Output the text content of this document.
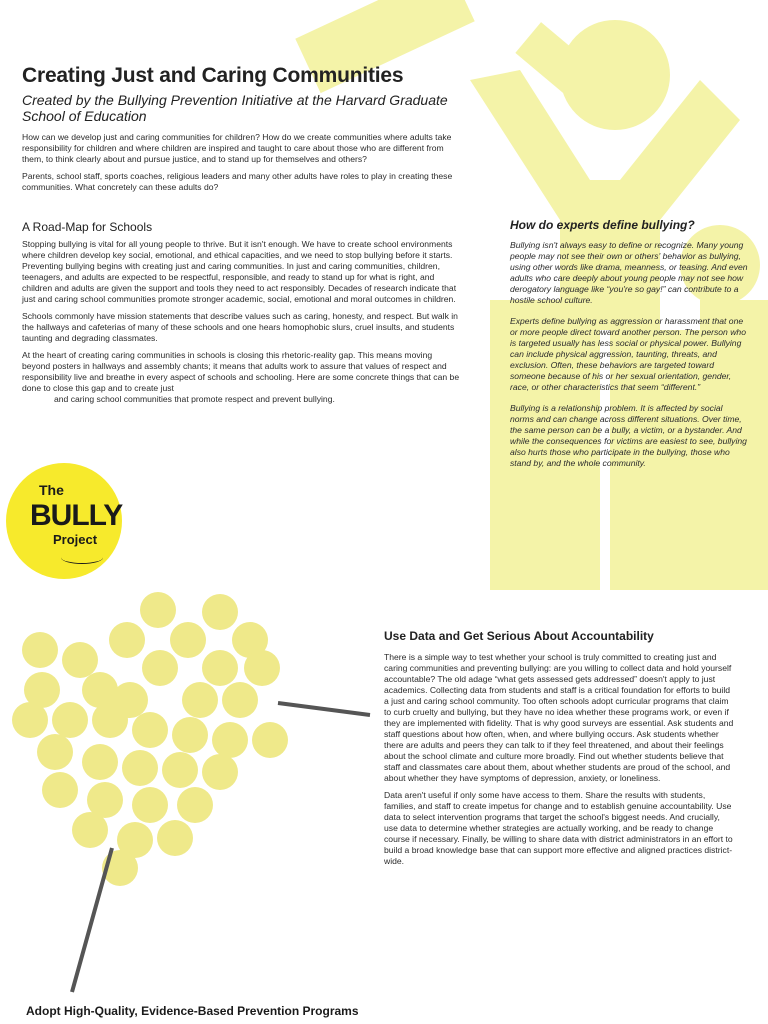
Creating Just and Caring Communities

Created by the Bullying Prevention Initiative at the Harvard Graduate School of Education

How can we develop just and caring communities for children? How do we create communities where adults take responsibility for children and where children are inspired and taught to care about those who are different from them, to think clearly about and pursue justice, and to stand up for themselves and others?

Parents, school staff, sports coaches, religious leaders and many other adults have roles to play in creating these communities. What concretely can these adults do?

A Road-Map for Schools

Stopping bullying is vital for all young people to thrive. But it isn't enough. We have to create school environments where children develop key social, emotional, and ethical capacities, and we need to stop bullying before it starts. Preventing bullying begins with creating just and caring communities. In just and caring communities, children, teenagers, and adults are expected to be respectful, responsible, and ready to stand up for what is right, and children and adults are given the support and tools they need to act responsibly. Decades of research indicate that just and caring school communities promote stronger academic, social, emotional and moral outcomes in children.

Schools commonly have mission statements that describe values such as caring, honesty, and respect. But walk in the hallways and cafeterias of many of these schools and one hears homophobic slurs, cruel insults, and students taunting and degrading classmates.

At the heart of creating caring communities in schools is closing this rhetoric-reality gap. This means moving beyond posters in hallways and assembly chants; it means that adults work to assure that values of respect and responsibility live and breathe in every aspect of schools and schooling. Here are some concrete things that can be done to close this gap and to create just

and caring school communities that promote respect and prevent bullying.

The
BULLY
Project
How do experts define bullying?

Bullying isn't always easy to define or recognize. Many young people may not see their own or others' behavior as bullying, using other words like drama, meanness, or teasing. And even adults who care deeply about young people may not see how derogatory language like “you're so gay!” can contribute to a hostile school culture.

Experts define bullying as aggression or harassment that one or more people direct toward another person. The person who is targeted usually has less social or physical power. Bullying can include physical aggression, taunting, threats, and exclusion. Often, these behaviors are targeted toward someone because of his or her sexual orientation, gender, race, or other characteristics that seem “different.”

Bullying is a relationship problem. It is affected by social norms and can change across different situations. Over time, the same person can be a bully, a victim, or a bystander. And while the consequences for victims are easiest to see, bullying also hurts those who participate in the bullying, those who stand by, and the whole community.

Use Data and Get Serious About Accountability

There is a simple way to test whether your school is truly committed to creating just and caring communities and preventing bullying: are you willing to collect data and hold yourself accountable? The old adage “what gets assessed gets addressed” doesn't apply to just academics. Collecting data from students and staff is a critical foundation for efforts to build a just and caring school community. Too often schools adopt curricular programs that claim to curb cruelty and bullying, but they have no idea whether these programs work, or even if they are implemented with fidelity. That is why good surveys are essential. Ask students and staff questions about how often, when, and where bullying occurs. Ask students whether there are adults and peers they can talk to if they feel threatened, and about their feelings about the school climate and culture more broadly. Find out whether students believe that staff and classmates care about them, about whether students are proud of the school, and about whether they have symptoms of depression, anxiety, or loneliness.

Data aren't useful if only some have access to them. Share the results with students, families, and staff to create impetus for change and to establish genuine accountability. Use data to select intervention programs that target the school's biggest needs. And crucially, use data to determine whether strategies are actually working, and be ready to change course if necessary. Finally, be willing to share data with district administrators in an effort to build a broad knowledge base that can support more effective and aligned practices district-wide.

Adopt High-Quality, Evidence-Based Prevention Programs
